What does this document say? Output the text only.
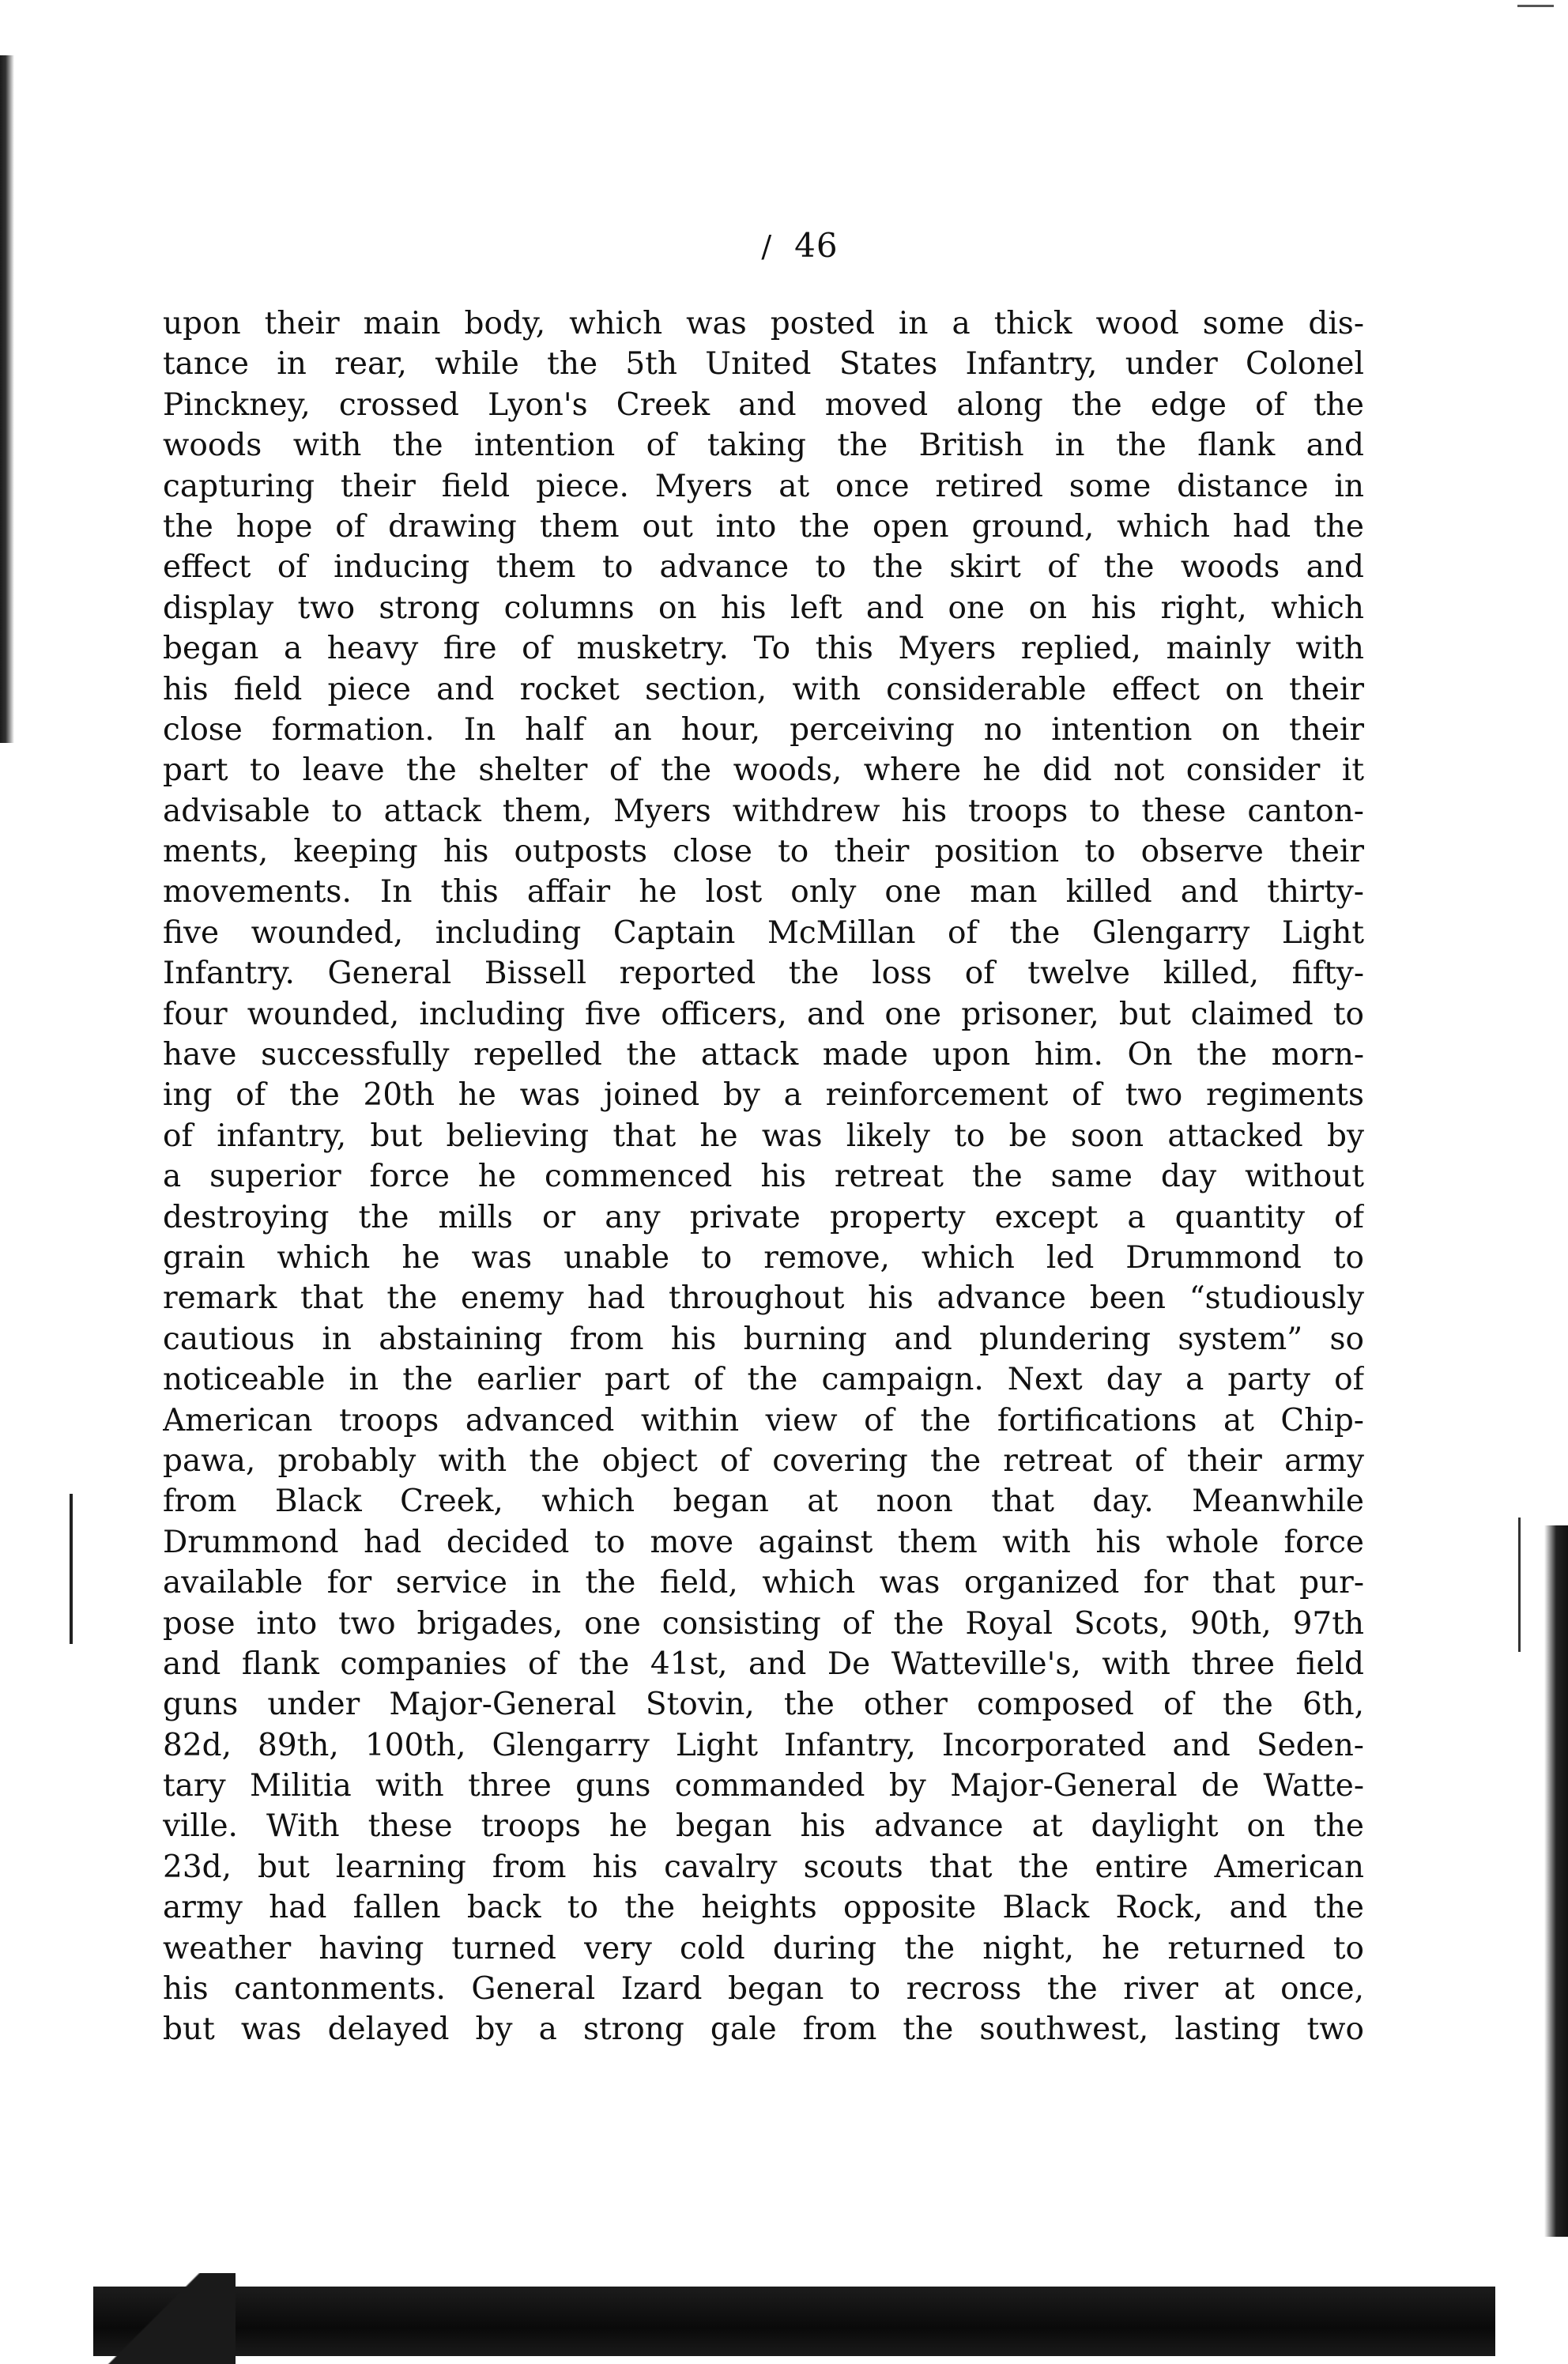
/ 46
upon their main body, which was posted in a thick wood some dis-
tance in rear, while the 5th United States Infantry, under Colonel
Pinckney, crossed Lyon's Creek and moved along the edge of the
woods with the intention of taking the British in the flank and
capturing their field piece. Myers at once retired some distance in
the hope of drawing them out into the open ground, which had the
effect of inducing them to advance to the skirt of the woods and
display two strong columns on his left and one on his right, which
began a heavy fire of musketry. To this Myers replied, mainly with
his field piece and rocket section, with considerable effect on their
close formation. In half an hour, perceiving no intention on their
part to leave the shelter of the woods, where he did not consider it
advisable to attack them, Myers withdrew his troops to these canton-
ments, keeping his outposts close to their position to observe their
movements. In this affair he lost only one man killed and thirty-
five wounded, including Captain McMillan of the Glengarry Light
Infantry. General Bissell reported the loss of twelve killed, fifty-
four wounded, including five officers, and one prisoner, but claimed to
have successfully repelled the attack made upon him. On the morn-
ing of the 20th he was joined by a reinforcement of two regiments
of infantry, but believing that he was likely to be soon attacked by
a superior force he commenced his retreat the same day without
destroying the mills or any private property except a quantity of
grain which he was unable to remove, which led Drummond to
remark that the enemy had throughout his advance been “studiously
cautious in abstaining from his burning and plundering system” so
noticeable in the earlier part of the campaign. Next day a party of
American troops advanced within view of the fortifications at Chip-
pawa, probably with the object of covering the retreat of their army
from Black Creek, which began at noon that day. Meanwhile
Drummond had decided to move against them with his whole force
available for service in the field, which was organized for that pur-
pose into two brigades, one consisting of the Royal Scots, 90th, 97th
and flank companies of the 41st, and De Watteville's, with three field
guns under Major-General Stovin, the other composed of the 6th,
82d, 89th, 100th, Glengarry Light Infantry, Incorporated and Seden-
tary Militia with three guns commanded by Major-General de Watte-
ville. With these troops he began his advance at daylight on the
23d, but learning from his cavalry scouts that the entire American
army had fallen back to the heights opposite Black Rock, and the
weather having turned very cold during the night, he returned to
his cantonments. General Izard began to recross the river at once,
but was delayed by a strong gale from the southwest, lasting two
